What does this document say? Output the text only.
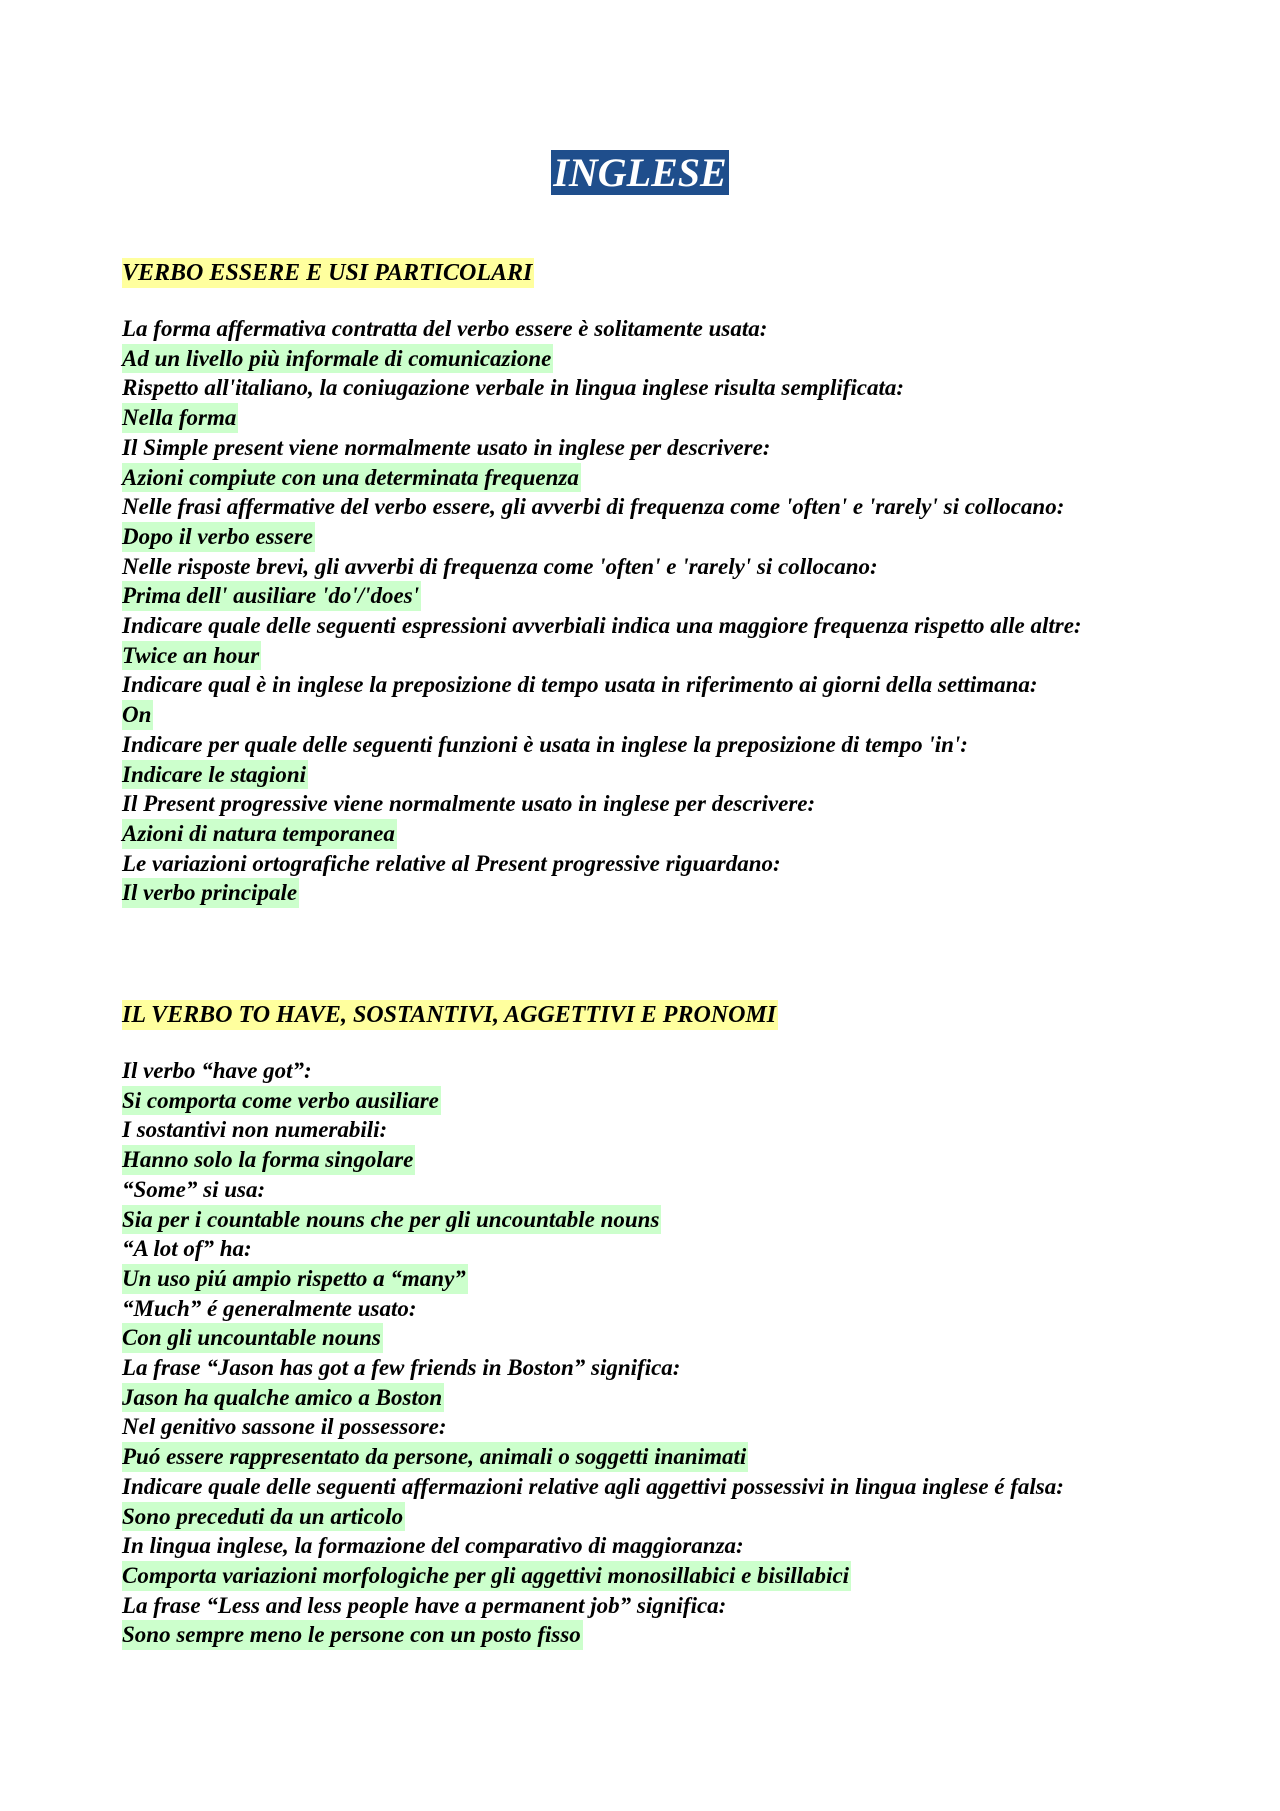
INGLESE
VERBO ESSERE E USI PARTICOLARI

La forma affermativa contratta del verbo essere è solitamente usata:

Ad un livello più informale di comunicazione

Rispetto all'italiano, la coniugazione verbale in lingua inglese risulta semplificata:

Nella forma

Il Simple present viene normalmente usato in inglese per descrivere:

Azioni compiute con una determinata frequenza

Nelle frasi affermative del verbo essere, gli avverbi di frequenza come 'often' e 'rarely' si collocano:

Dopo il verbo essere

Nelle risposte brevi, gli avverbi di frequenza come 'often' e 'rarely' si collocano:

Prima dell' ausiliare 'do'/'does'

Indicare quale delle seguenti espressioni avverbiali indica una maggiore frequenza rispetto alle altre:

Twice an hour

Indicare qual è in inglese la preposizione di tempo usata in riferimento ai giorni della settimana:

On

Indicare per quale delle seguenti funzioni è usata in inglese la preposizione di tempo 'in':

Indicare le stagioni

Il Present progressive viene normalmente usato in inglese per descrivere:

Azioni di natura temporanea

Le variazioni ortografiche relative al Present progressive riguardano:

Il verbo principale
IL VERBO TO HAVE, SOSTANTIVI, AGGETTIVI E PRONOMI

Il verbo “have got”:

Si comporta come verbo ausiliare

I sostantivi non numerabili:

Hanno solo la forma singolare

“Some” si usa:

Sia per i countable nouns che per gli uncountable nouns

“A lot of” ha:

Un uso piú ampio rispetto a “many”

“Much” é generalmente usato:

Con gli uncountable nouns

La frase “Jason has got a few friends in Boston” significa:

Jason ha qualche amico a Boston

Nel genitivo sassone il possessore:

Puó essere rappresentato da persone, animali o soggetti inanimati

Indicare quale delle seguenti affermazioni relative agli aggettivi possessivi in lingua inglese é falsa:

Sono preceduti da un articolo

In lingua inglese, la formazione del comparativo di maggioranza:

Comporta variazioni morfologiche per gli aggettivi monosillabici e bisillabici

La frase “Less and less people have a permanent job” significa:

Sono sempre meno le persone con un posto fisso
